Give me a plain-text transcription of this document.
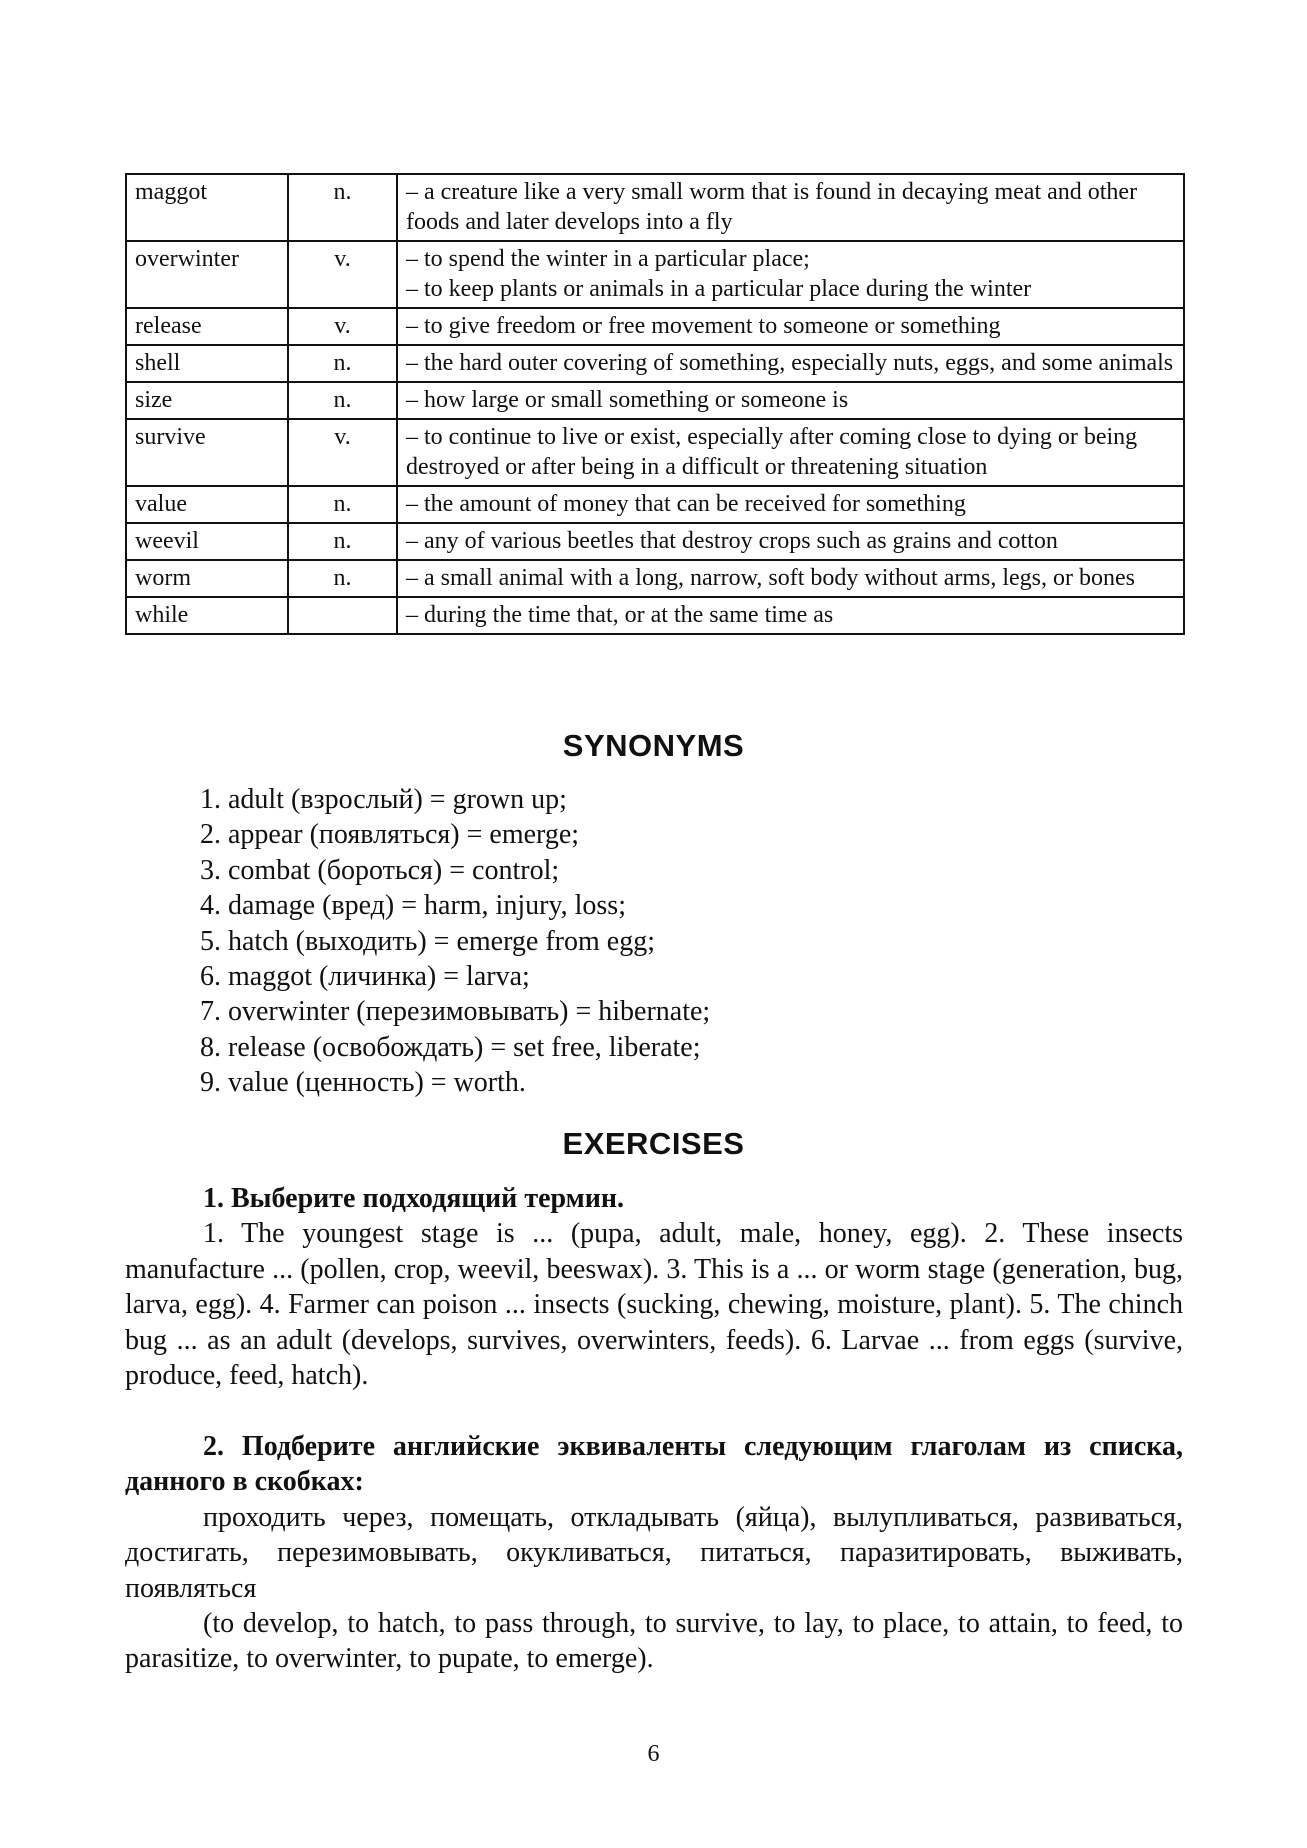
maggot	n.	– a creature like a very small worm that is found in decaying meat and other foods and later develops into a fly

overwinter	v.	– to spend the winter in a particular place;
– to keep plants or animals in a particular place during the winter

release	v.	– to give freedom or free movement to someone or something

shell	n.	– the hard outer covering of something, especially nuts, eggs, and some animals

size	n.	– how large or small something or someone is

survive	v.	– to continue to live or exist, especially after coming close to dying or being destroyed or after being in a difficult or threatening situation

value	n.	– the amount of money that can be received for something

weevil	n.	– any of various beetles that destroy crops such as grains and cotton

worm	n.	– a small animal with a long, narrow, soft body without arms, legs, or bones

while		– during the time that, or at the same time as
SYNONYMS
1. adult (взрослый) = grown up;
2. appear (появляться) = emerge;
3. combat (бороться) = control;
4. damage (вред) = harm, injury, loss;
5. hatch (выходить) = emerge from egg;
6. maggot (личинка) = larva;
7. overwinter (перезимовывать) = hibernate;
8. release (освобождать) = set free, liberate;
9. value (ценность) = worth.
EXERCISES

1. Выберите подходящий термин.

1. The youngest stage is ... (pupa, adult, male, honey, egg). 2. These insects manufacture ... (pollen, crop, weevil, beeswax). 3. This is a ... or worm stage (generation, bug, larva, egg). 4. Farmer can poison ... insects (sucking, chewing, moisture, plant). 5. The chinch bug ... as an adult (develops, survives, overwinters, feeds). 6. Larvae ... from eggs (survive, produce, feed, hatch).

2. Подберите английские эквиваленты следующим глаголам из списка, данного в скобках:

проходить через, помещать, откладывать (яйца), вылупливаться, развиваться, достигать, перезимовывать, окукливаться, питаться, паразитировать, выживать, появляться

(to develop, to hatch, to pass through, to survive, to lay, to place, to attain, to feed, to parasitize, to overwinter, to pupate, to emerge).

6
